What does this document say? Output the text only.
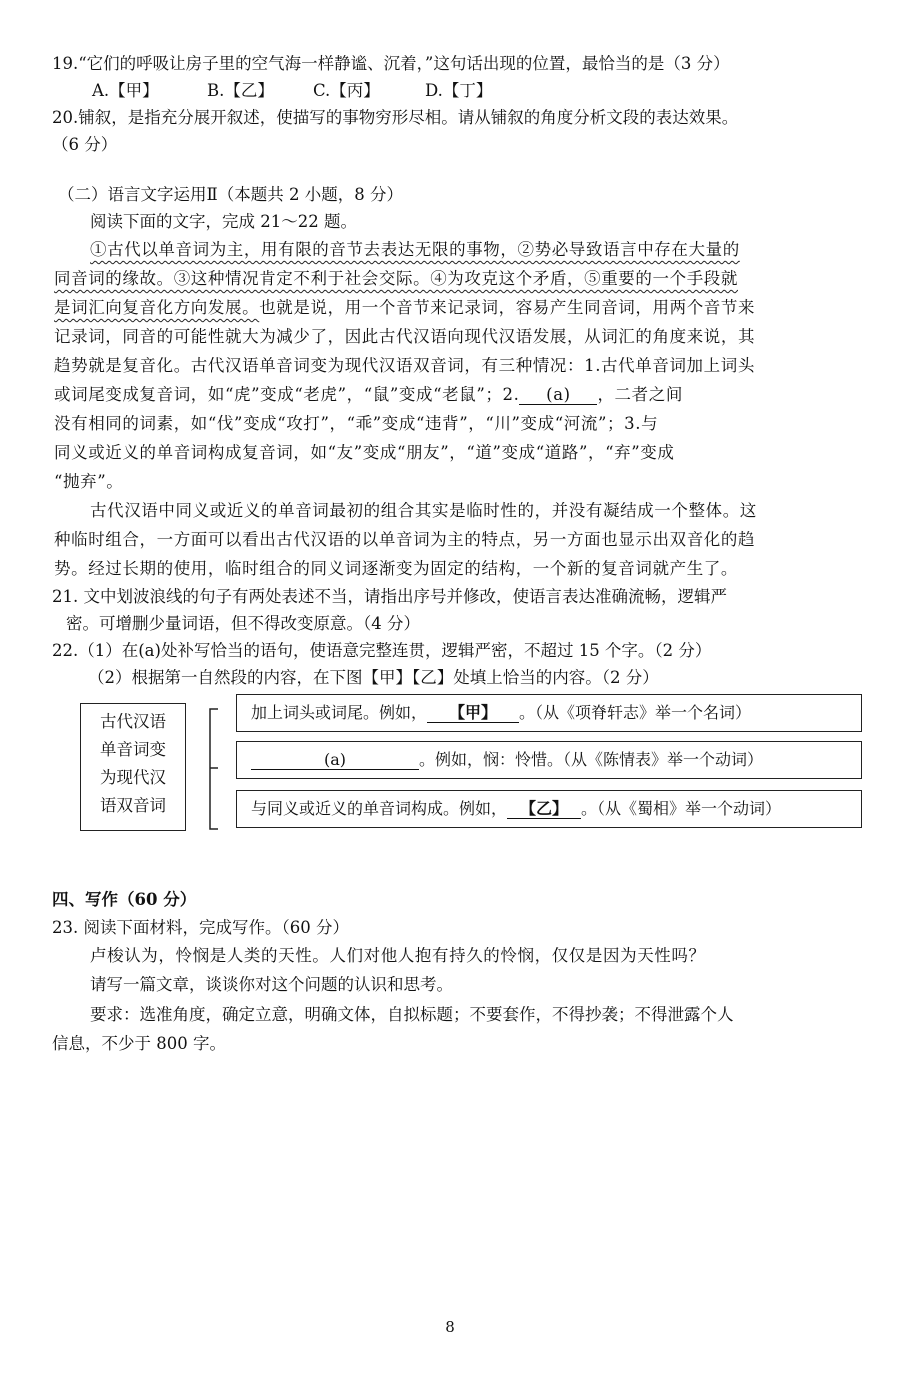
19.“它们的呼吸让房子里的空气海一样静谧、沉着，”这句话出现的位置，最恰当的是（3 分）
A.【甲】	B.【乙】 C.【丙】	D.【丁】
20.铺叙，是指充分展开叙述，使描写的事物穷形尽相。请从铺叙的角度分析文段的表达效果。
（6 分）
（二）语言文字运用Ⅱ（本题共 2 小题，8 分）
阅读下面的文字，完成 21～22 题。
①古代以单音词为主，用有限的音节去表达无限的事物，②势必导致语言中存在大量的
同音词的缘故。③这种情况肯定不利于社会交际。④为攻克这个矛盾，⑤重要的一个手段就
是词汇向复音化方向发展。也就是说，用一个音节来记录词，容易产生同音词，用两个音节来
记录词，同音的可能性就大为减少了，因此古代汉语向现代汉语发展，从词汇的角度来说，其
趋势就是复音化。古代汉语单音词变为现代汉语双音词，有三种情况：1.古代单音词加上词头
或词尾变成复音词，如“虎”变成“老虎”，“鼠”变成“老鼠”；2. (a) ，二者之间
没有相同的词素，如“伐”变成“攻打”，“乖”变成“违背”，“川”变成“河流”；3.与
同义或近义的单音词构成复音词，如“友”变成“朋友”，“道”变成“道路”，“弃”变成
“抛弃”。
古代汉语中同义或近义的单音词最初的组合其实是临时性的，并没有凝结成一个整体。这
种临时组合，一方面可以看出古代汉语的以单音词为主的特点，另一方面也显示出双音化的趋
势。经过长期的使用，临时组合的同义词逐渐变为固定的结构，一个新的复音词就产生了。
21. 文中划波浪线的句子有两处表述不当，请指出序号并修改，使语言表达准确流畅，逻辑严
密。可增删少量词语，但不得改变原意。（4 分）
22.（1）在(a)处补写恰当的语句，使语意完整连贯，逻辑严密，不超过 15 个字。（2 分）
（2）根据第一自然段的内容，在下图【甲】【乙】处填上恰当的内容。（2 分）
古代汉语
单音词变
为现代汉
语双音词
加上词头或词尾。例如， 【甲】 。（从《项脊轩志》举一个名词）
(a)	。例如，悯：怜惜。（从《陈情表》举一个动词）
与同义或近义的单音词构成。例如， 【乙】 。（从《蜀相》举一个动词）
四、写作（60 分）
23. 阅读下面材料，完成写作。（60 分）
卢梭认为，怜悯是人类的天性。人们对他人抱有持久的怜悯，仅仅是因为天性吗？
请写一篇文章，谈谈你对这个问题的认识和思考。
要求：选准角度，确定立意，明确文体，自拟标题；不要套作，不得抄袭；不得泄露个人
信息，不少于 800 字。
8
